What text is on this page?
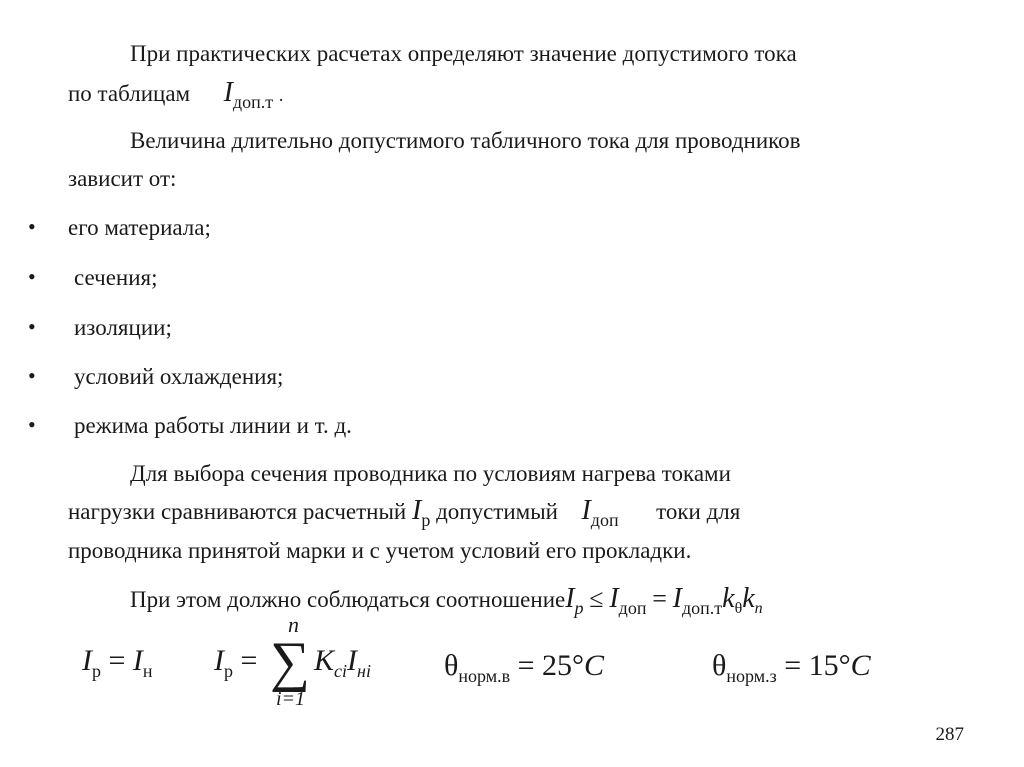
При практических расчетах определяют значение допустимого тока
по таблицам $I_{доп.т}$ .
Величина длительно допустимого табличного тока для проводников
зависит от:
• его материала;
• сечения;
• изоляции;
• условий охлаждения;
• режима работы линии и т. д.
Для выбора сечения проводника по условиям нагрева токами
нагрузки сравниваются расчетный $I_р$ допустимый $I_{доп}$ токи для
проводника принятой марки и с учетом условий его прокладки.
При этом должно соблюдаться соотношениеI$_p$ ≤ $I_{доп} = I_{доп.т}k_\theta k_n$
$I_р = I_н$ $I_р$ =
n
∑
i=1
$K_{ci}I_{нi}$ $\theta_{норм.в} = 25^\circ C$	$\theta_{норм.з} = 15^\circ C$
287
